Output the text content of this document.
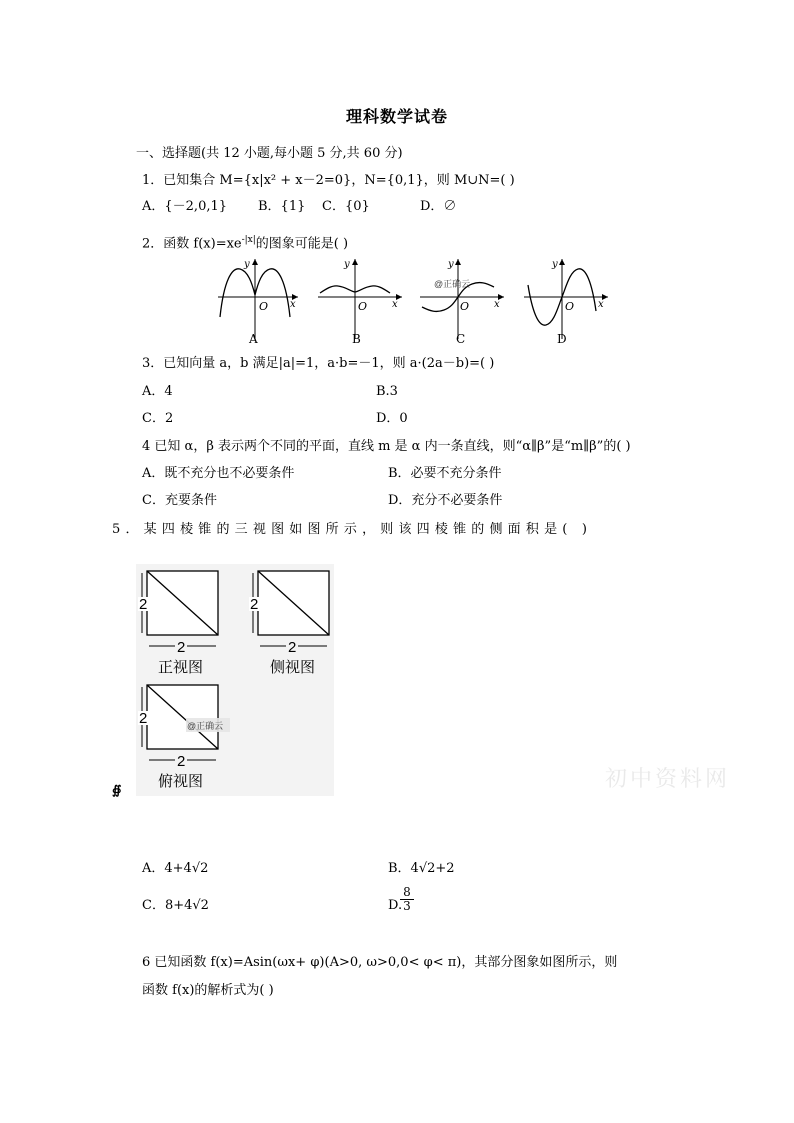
理科数学试卷
一、选择题(共 12 小题,每小题 5 分,共 60 分)
1．已知集合 M={x|x² + x－2=0}，N={0,1}，则 M∪N=( )
A．{－2,0,1} B．{1} C．{0}	D．∅
2．函数 $f(x)=xe^{-|x|}$的图象可能是( )
y
x
O
A
y
x
O
B
y
x
O
@正确云
C
y
x
O
D
3．已知向量 a，b 满足|a|=1，a·b=－1，则 a·(2a－b)=( )
A．4	B.3
C．2	D．0
4 已知 α，β 表示两个不同的平面，直线 m 是 α 内一条直线，则“α∥β”是“m∥β”的( )
A．既不充分也不必要条件	B．必要不充分条件
C．充要条件	D．充分不必要条件
5．某四棱锥的三视图如图所示，则该四棱锥的侧面积是( )
2
2
正视图
2
2
侧视图
2
2
俯视图
@正确云
∯
A．4+4√2	B．4√2+2
C．8+4√2	D.
$\frac{8}{3}$
6 已知函数 f(x)=Asin(ωx+ φ)(A>0, ω>0,0< φ< π)，其部分图象如图所示，则
函数 f(x)的解析式为( )
初中资料网
